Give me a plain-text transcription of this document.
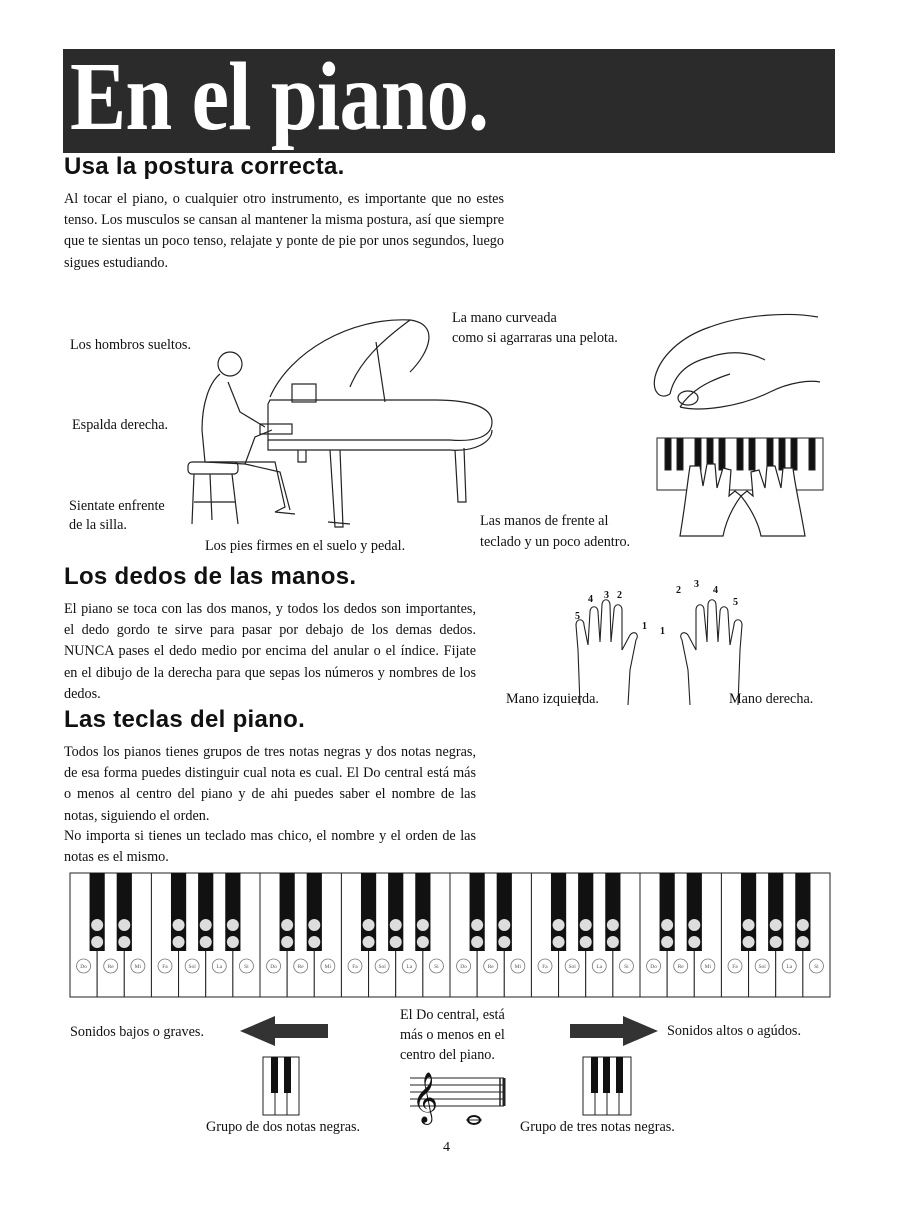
En el piano.
Usa la postura correcta.

Al tocar el piano, o cualquier otro instrumento, es importante que no estes tenso. Los musculos se cansan al mantener la misma postura, así que siempre que te sientas un poco tenso, relajate y ponte de pie por unos segundos, luego sigues estudiando.

Los hombros sueltos.
Espalda derecha.
Sientate enfrente
de la silla.
Los pies firmes en el suelo y pedal.
La mano curveada
como si agarraras una pelota.
Las manos de frente al
teclado y un poco adentro.
Los dedos de las manos.

El piano se toca con las dos manos, y todos los dedos son importantes, el dedo gordo te sirve para pasar por debajo de los demas dedos. NUNCA pases el dedo medio por encima del anular o el índice. Fijate en el dibujo de la derecha para que sepas los números y nombres de los dedos.

5
4 3 2
1 1
2
3
4
5
Mano izquierda.	Mano derecha.
Las teclas del piano.

Todos los pianos tienes grupos de tres notas negras y dos notas negras, de esa forma puedes distinguir cual nota es cual. El Do central está más o menos al centro del piano y de ahi puedes saber el nombre de las notas, siguiendo el orden.

No importa si tienes un teclado mas chico, el nombre y el orden de las notas es el mismo.

Do	Re	Mi	Fa	Sol	La	Si	Do	Re	Mi	Fa	Sol	La	Si	Do	Re	Mi	Fa	Sol	La	Si	Do	Re	Mi	Fa	Sol	La	Si
Sonidos bajos o graves.	Sonidos altos o agúdos.
El Do central, está
más o menos en el
centro del piano.
𝄞
Grupo de dos notas negras.	Grupo de tres notas negras.
4
